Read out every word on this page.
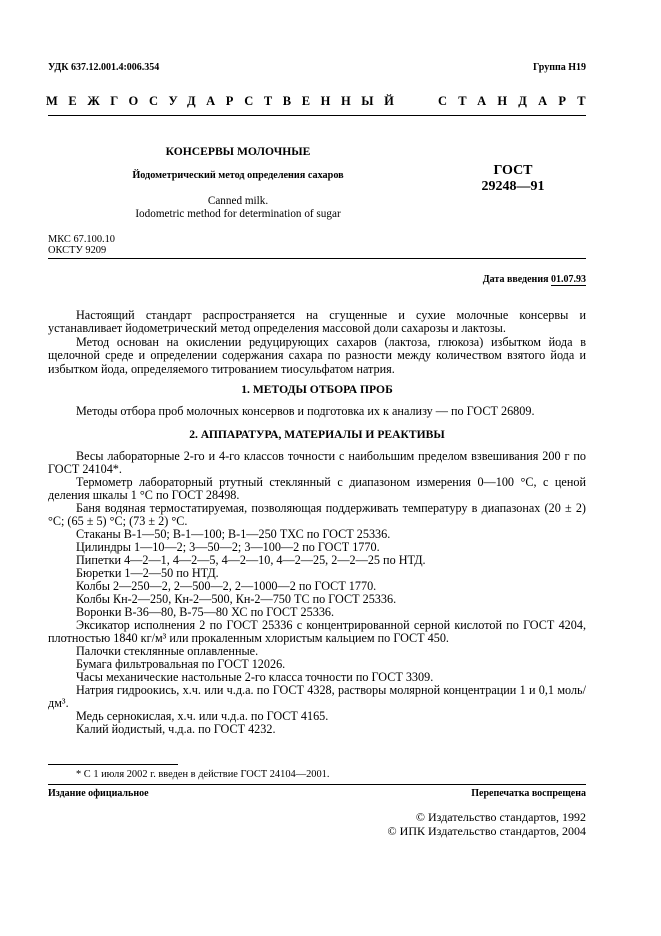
УДК 637.12.001.4:006.354	Группа Н19
МЕЖГОСУДАРСТВЕННЫЙ	СТАНДАРТ
КОНСЕРВЫ МОЛОЧНЫЕ
Йодометрический метод определения сахаров
Canned milk.
Iodometric method for determination of sugar
ГОСТ
29248—91
МКС 67.100.10
ОКСТУ 9209
Дата введения 01.07.93
Настоящий стандарт распространяется на сгущенные и сухие молочные консервы и устанавливает йодометрический метод определения массовой доли сахарозы и лактозы.
Метод основан на окислении редуцирующих сахаров (лактоза, глюкоза) избытком йода в щелочной среде и определении содержания сахара по разности между количеством взятого йода и избытком йода, определяемого титрованием тиосульфатом натрия.
1. МЕТОДЫ ОТБОРА ПРОБ
Методы отбора проб молочных консервов и подготовка их к анализу — по ГОСТ 26809.
2. АППАРАТУРА, МАТЕРИАЛЫ И РЕАКТИВЫ
Весы лабораторные 2-го и 4-го классов точности с наибольшим пределом взвешивания 200 г по ГОСТ 24104*.
Термометр лабораторный ртутный стеклянный с диапазоном измерения 0—100 °С, с ценой деления шкалы 1 °С по ГОСТ 28498.
Баня водяная термостатируемая, позволяющая поддерживать температуру в диапазонах (20 ± 2) °С; (65 ± 5) °С; (73 ± 2) °С.
Стаканы В-1—50; В-1—100; В-1—250 ТХС по ГОСТ 25336.
Цилиндры 1—10—2; 3—50—2; 3—100—2 по ГОСТ 1770.
Пипетки 4—2—1, 4—2—5, 4—2—10, 4—2—25, 2—2—25 по НТД.
Бюретки 1—2—50 по НТД.
Колбы 2—250—2, 2—500—2, 2—1000—2 по ГОСТ 1770.
Колбы Кн-2—250, Кн-2—500, Кн-2—750 ТС по ГОСТ 25336.
Воронки В-36—80, В-75—80 ХС по ГОСТ 25336.
Эксикатор исполнения 2 по ГОСТ 25336 с концентрированной серной кислотой по ГОСТ 4204, плотностью 1840 кг/м³ или прокаленным хлористым кальцием по ГОСТ 450.
Палочки стеклянные оплавленные.
Бумага фильтровальная по ГОСТ 12026.
Часы механические настольные 2-го класса точности по ГОСТ 3309.
Натрия гидроокись, х.ч. или ч.д.а. по ГОСТ 4328, растворы молярной концентрации 1 и 0,1 моль/дм³.
Медь сернокислая, х.ч. или ч.д.а. по ГОСТ 4165.
Калий йодистый, ч.д.а. по ГОСТ 4232.
* С 1 июля 2002 г. введен в действие ГОСТ 24104—2001.
Издание официальное	Перепечатка воспрещена
© Издательство стандартов, 1992
© ИПК Издательство стандартов, 2004
